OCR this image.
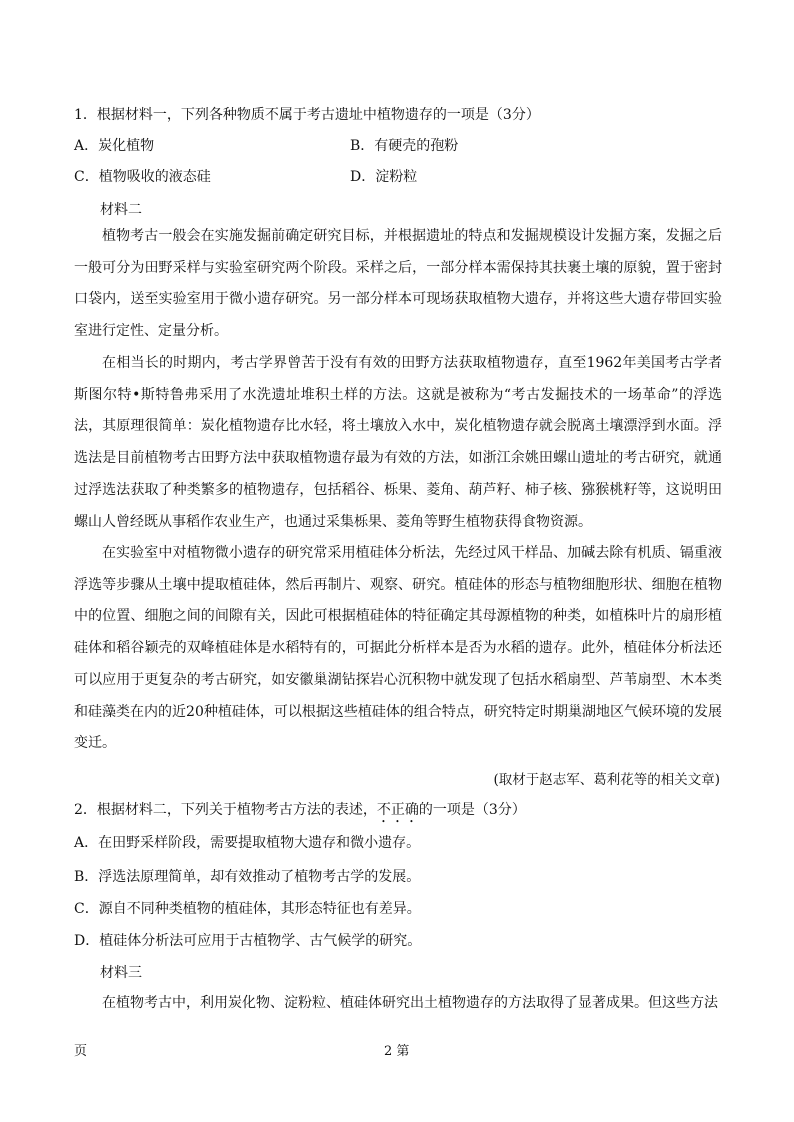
1．根据材料一，下列各种物质不属于考古遗址中植物遗存的一项是（3分）
A．炭化植物	B．有硬壳的孢粉
C．植物吸收的液态硅	D．淀粉粒
材料二

植物考古一般会在实施发掘前确定研究目标，并根据遗址的特点和发掘规模设计发掘方案，发掘之后一般可分为田野采样与实验室研究两个阶段。采样之后，一部分样本需保持其扶裹土壤的原貌，置于密封口袋内，送至实验室用于微小遗存研究。另一部分样本可现场获取植物大遗存，并将这些大遗存带回实验室进行定性、定量分析。

在相当长的时期内，考古学界曾苦于没有有效的田野方法获取植物遗存，直至1962年美国考古学者斯图尔特•斯特鲁弗采用了水洗遗址堆积土样的方法。这就是被称为“考古发掘技术的一场革命”的浮选法，其原理很简单：炭化植物遗存比水轻，将土壤放入水中，炭化植物遗存就会脱离土壤漂浮到水面。浮选法是目前植物考古田野方法中获取植物遗存最为有效的方法，如浙江余姚田螺山遗址的考古研究，就通过浮选法获取了种类繁多的植物遗存，包括稻谷、栎果、菱角、葫芦籽、柿子核、猕猴桃籽等，这说明田螺山人曾经既从事稻作农业生产，也通过采集栎果、菱角等野生植物获得食物资源。

在实验室中对植物微小遗存的研究常采用植硅体分析法，先经过风干样品、加碱去除有机质、镉重液浮选等步骤从土壤中提取植硅体，然后再制片、观察、研究。植硅体的形态与植物细胞形状、细胞在植物中的位置、细胞之间的间隙有关，因此可根据植硅体的特征确定其母源植物的种类，如植株叶片的扇形植硅体和稻谷颖壳的双峰植硅体是水稻特有的，可据此分析样本是否为水稻的遗存。此外，植硅体分析法还可以应用于更复杂的考古研究，如安徽巢湖钻探岩心沉积物中就发现了包括水稻扇型、芦苇扇型、木本类和硅藻类在内的近20种植硅体，可以根据这些植硅体的组合特点，研究特定时期巢湖地区气候环境的发展变迁。

(取材于赵志军、葛利花等的相关文章)
2．根据材料二，下列关于植物考古方法的表述，不正确的一项是（3分）
A．在田野采样阶段，需要提取植物大遗存和微小遗存。
B．浮选法原理简单，却有效推动了植物考古学的发展。
C．源自不同种类植物的植硅体，其形态特征也有差异。
D．植硅体分析法可应用于古植物学、古气候学的研究。
材料三

在植物考古中，利用炭化物、淀粉粒、植硅体研究出土植物遗存的方法取得了显著成果。但这些方法

页	2 第
